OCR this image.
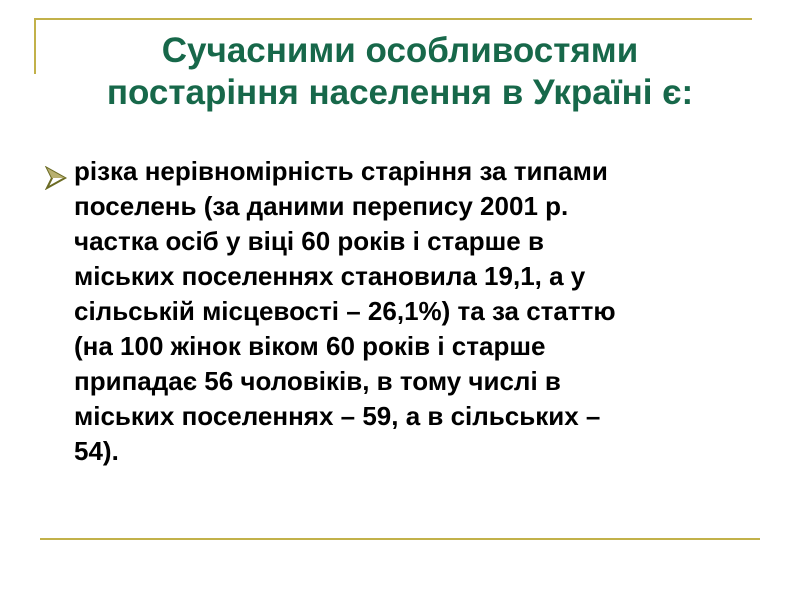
Сучасними особливостями
постаріння населення в Україні є:
різка нерівномірність старіння за типами
поселень (за даними перепису 2001 р.
частка осіб у віці 60 років і старше в
міських поселеннях становила 19,1, а у
сільській місцевості – 26,1%) та за статтю
(на 100 жінок віком 60 років і старше
припадає 56 чоловіків, в тому числі в
міських поселеннях – 59, а в сільських –
54).
